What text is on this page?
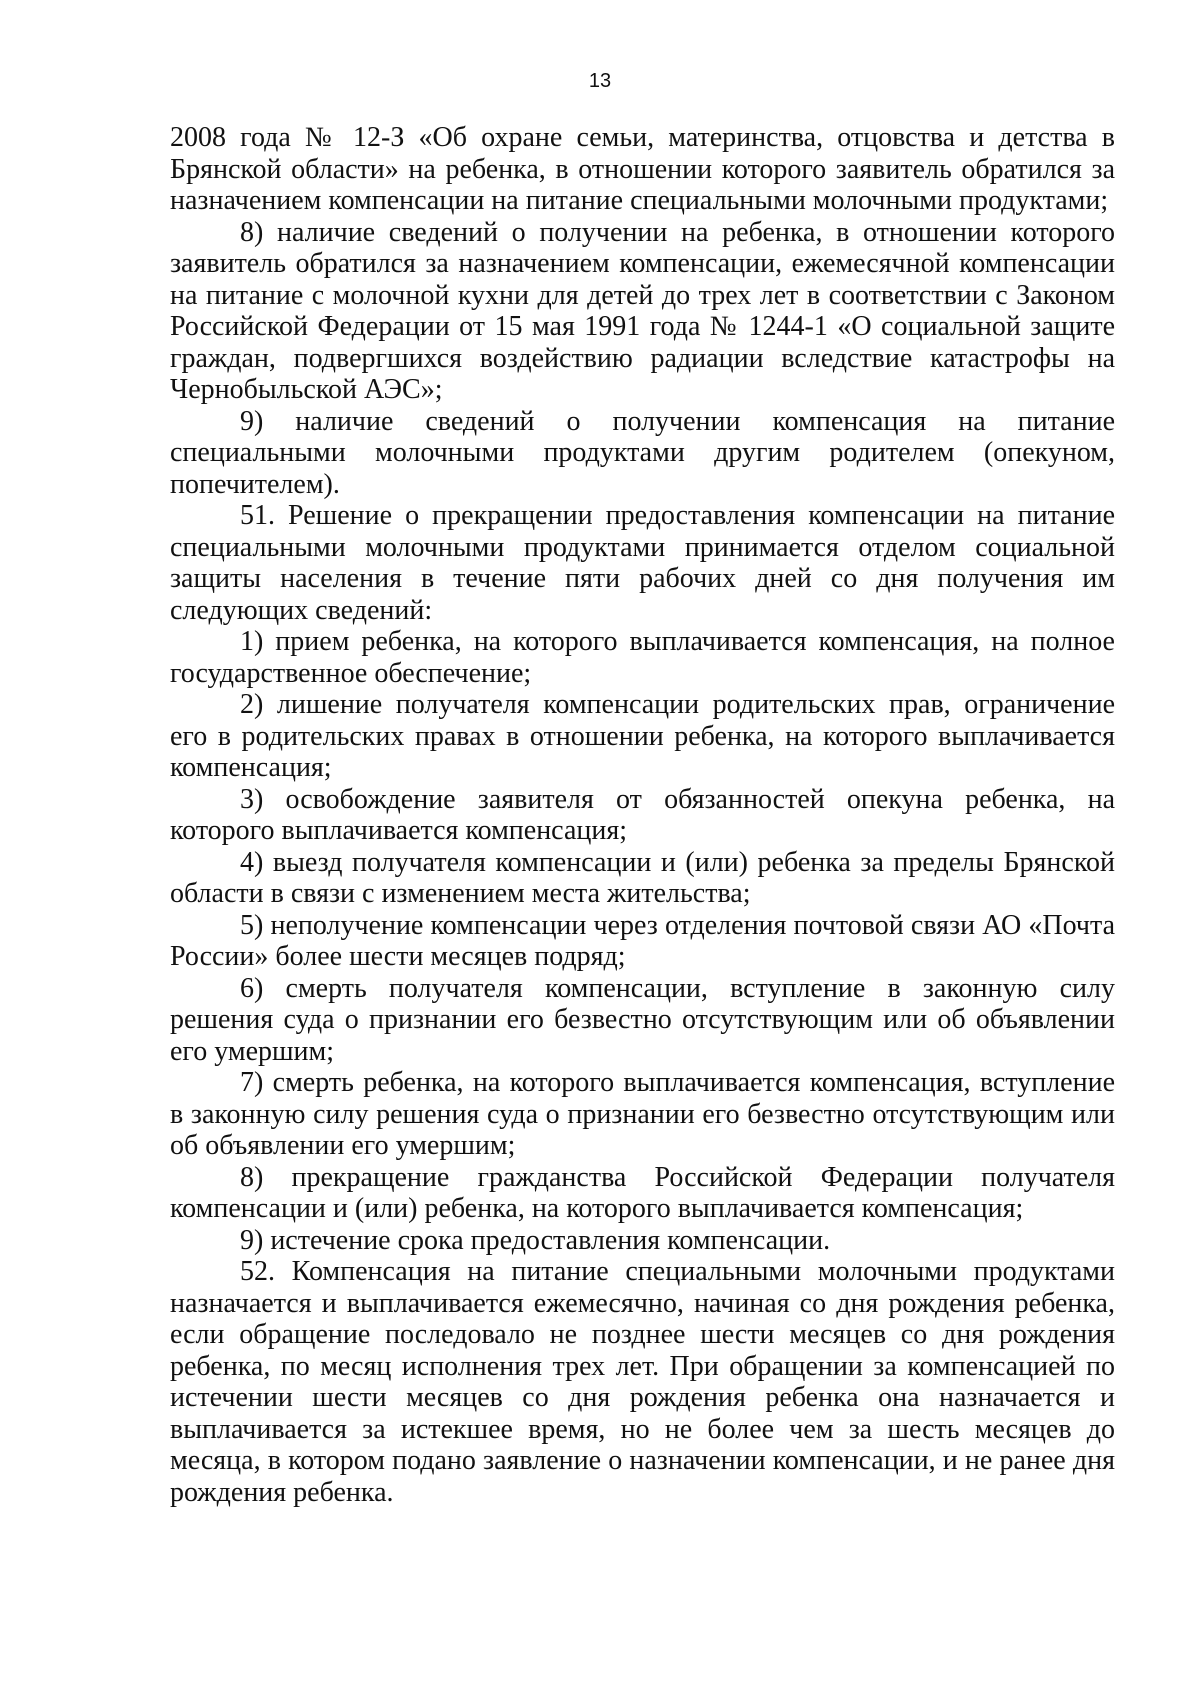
13

2008 года № 12-З «Об охране семьи, материнства, отцовства и детства в Брянской области» на ребенка, в отношении которого заявитель обратился за назначением компенсации на питание специальными молочными продуктами;

8) наличие сведений о получении на ребенка, в отношении которого заявитель обратился за назначением компенсации, ежемесячной компенсации на питание с молочной кухни для детей до трех лет в соответствии с Законом Российской Федерации от 15 мая 1991 года № 1244-1 «О социальной защите граждан, подвергшихся воздействию радиации вследствие катастрофы на Чернобыльской АЭС»;

9) наличие сведений о получении компенсация на питание специальными молочными продуктами другим родителем (опекуном, попечителем).

51. Решение о прекращении предоставления компенсации на питание специальными молочными продуктами принимается отделом социальной защиты населения в течение пяти рабочих дней со дня получения им следующих сведений:

1) прием ребенка, на которого выплачивается компенсация, на полное государственное обеспечение;

2) лишение получателя компенсации родительских прав, ограничение его в родительских правах в отношении ребенка, на которого выплачивается компенсация;

3) освобождение заявителя от обязанностей опекуна ребенка, на которого выплачивается компенсация;

4) выезд получателя компенсации и (или) ребенка за пределы Брянской области в связи с изменением места жительства;

5) неполучение компенсации через отделения почтовой связи АО «Почта России» более шести месяцев подряд;

6) смерть получателя компенсации, вступление в законную силу решения суда о признании его безвестно отсутствующим или об объявлении его умершим;

7) смерть ребенка, на которого выплачивается компенсация, вступление в законную силу решения суда о признании его безвестно отсутствующим или об объявлении его умершим;

8) прекращение гражданства Российской Федерации получателя компенсации и (или) ребенка, на которого выплачивается компенсация;

9) истечение срока предоставления компенсации.

52. Компенсация на питание специальными молочными продуктами назначается и выплачивается ежемесячно, начиная со дня рождения ребенка, если обращение последовало не позднее шести месяцев со дня рождения ребенка, по месяц исполнения трех лет. При обращении за компенсацией по истечении шести месяцев со дня рождения ребенка она назначается и выплачивается за истекшее время, но не более чем за шесть месяцев до месяца, в котором подано заявление о назначении компенсации, и не ранее дня рождения ребенка.
